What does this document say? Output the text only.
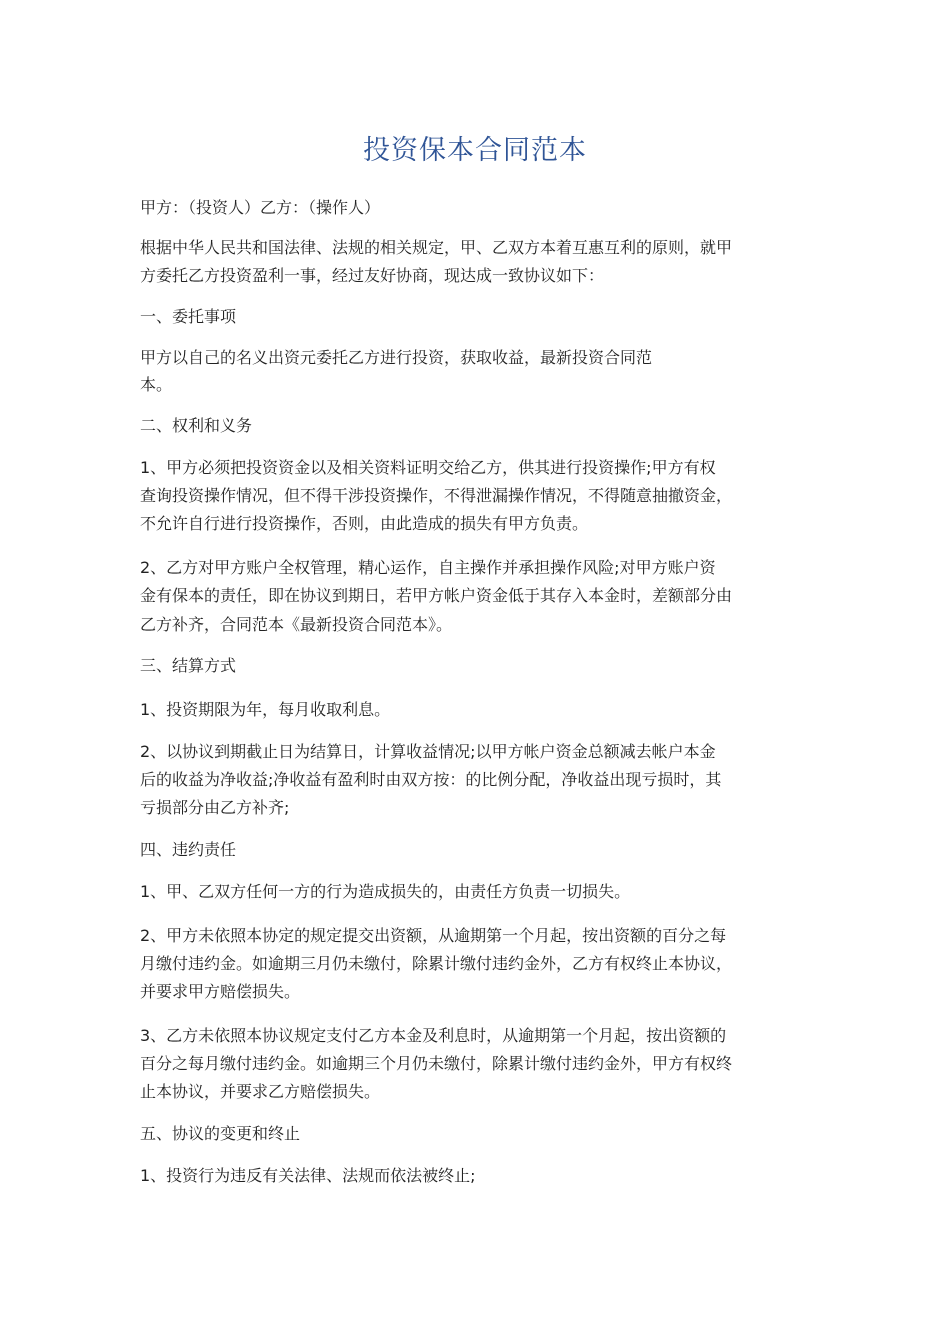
投资保本合同范本
甲方：（投资人）乙方：（操作人）
根据中华人民共和国法律、法规的相关规定，甲、乙双方本着互惠互利的原则，就甲
方委托乙方投资盈利一事，经过友好协商，现达成一致协议如下：
一、委托事项
甲方以自己的名义出资元委托乙方进行投资，获取收益，最新投资合同范
本。
二、权利和义务
1、甲方必须把投资资金以及相关资料证明交给乙方，供其进行投资操作;甲方有权
查询投资操作情况，但不得干涉投资操作，不得泄漏操作情况，不得随意抽撤资金，
不允许自行进行投资操作，否则，由此造成的损失有甲方负责。
2、乙方对甲方账户全权管理，精心运作，自主操作并承担操作风险;对甲方账户资
金有保本的责任，即在协议到期日，若甲方帐户资金低于其存入本金时，差额部分由
乙方补齐，合同范本《最新投资合同范本》。
三、结算方式
1、投资期限为年，每月收取利息。
2、以协议到期截止日为结算日，计算收益情况;以甲方帐户资金总额减去帐户本金
后的收益为净收益;净收益有盈利时由双方按：的比例分配，净收益出现亏损时，其
亏损部分由乙方补齐;
四、违约责任
1、甲、乙双方任何一方的行为造成损失的，由责任方负责一切损失。
2、甲方未依照本协定的规定提交出资额，从逾期第一个月起，按出资额的百分之每
月缴付违约金。如逾期三月仍未缴付，除累计缴付违约金外，乙方有权终止本协议，
并要求甲方赔偿损失。
3、乙方未依照本协议规定支付乙方本金及利息时，从逾期第一个月起，按出资额的
百分之每月缴付违约金。如逾期三个月仍未缴付，除累计缴付违约金外，甲方有权终
止本协议，并要求乙方赔偿损失。
五、协议的变更和终止
1、投资行为违反有关法律、法规而依法被终止;
